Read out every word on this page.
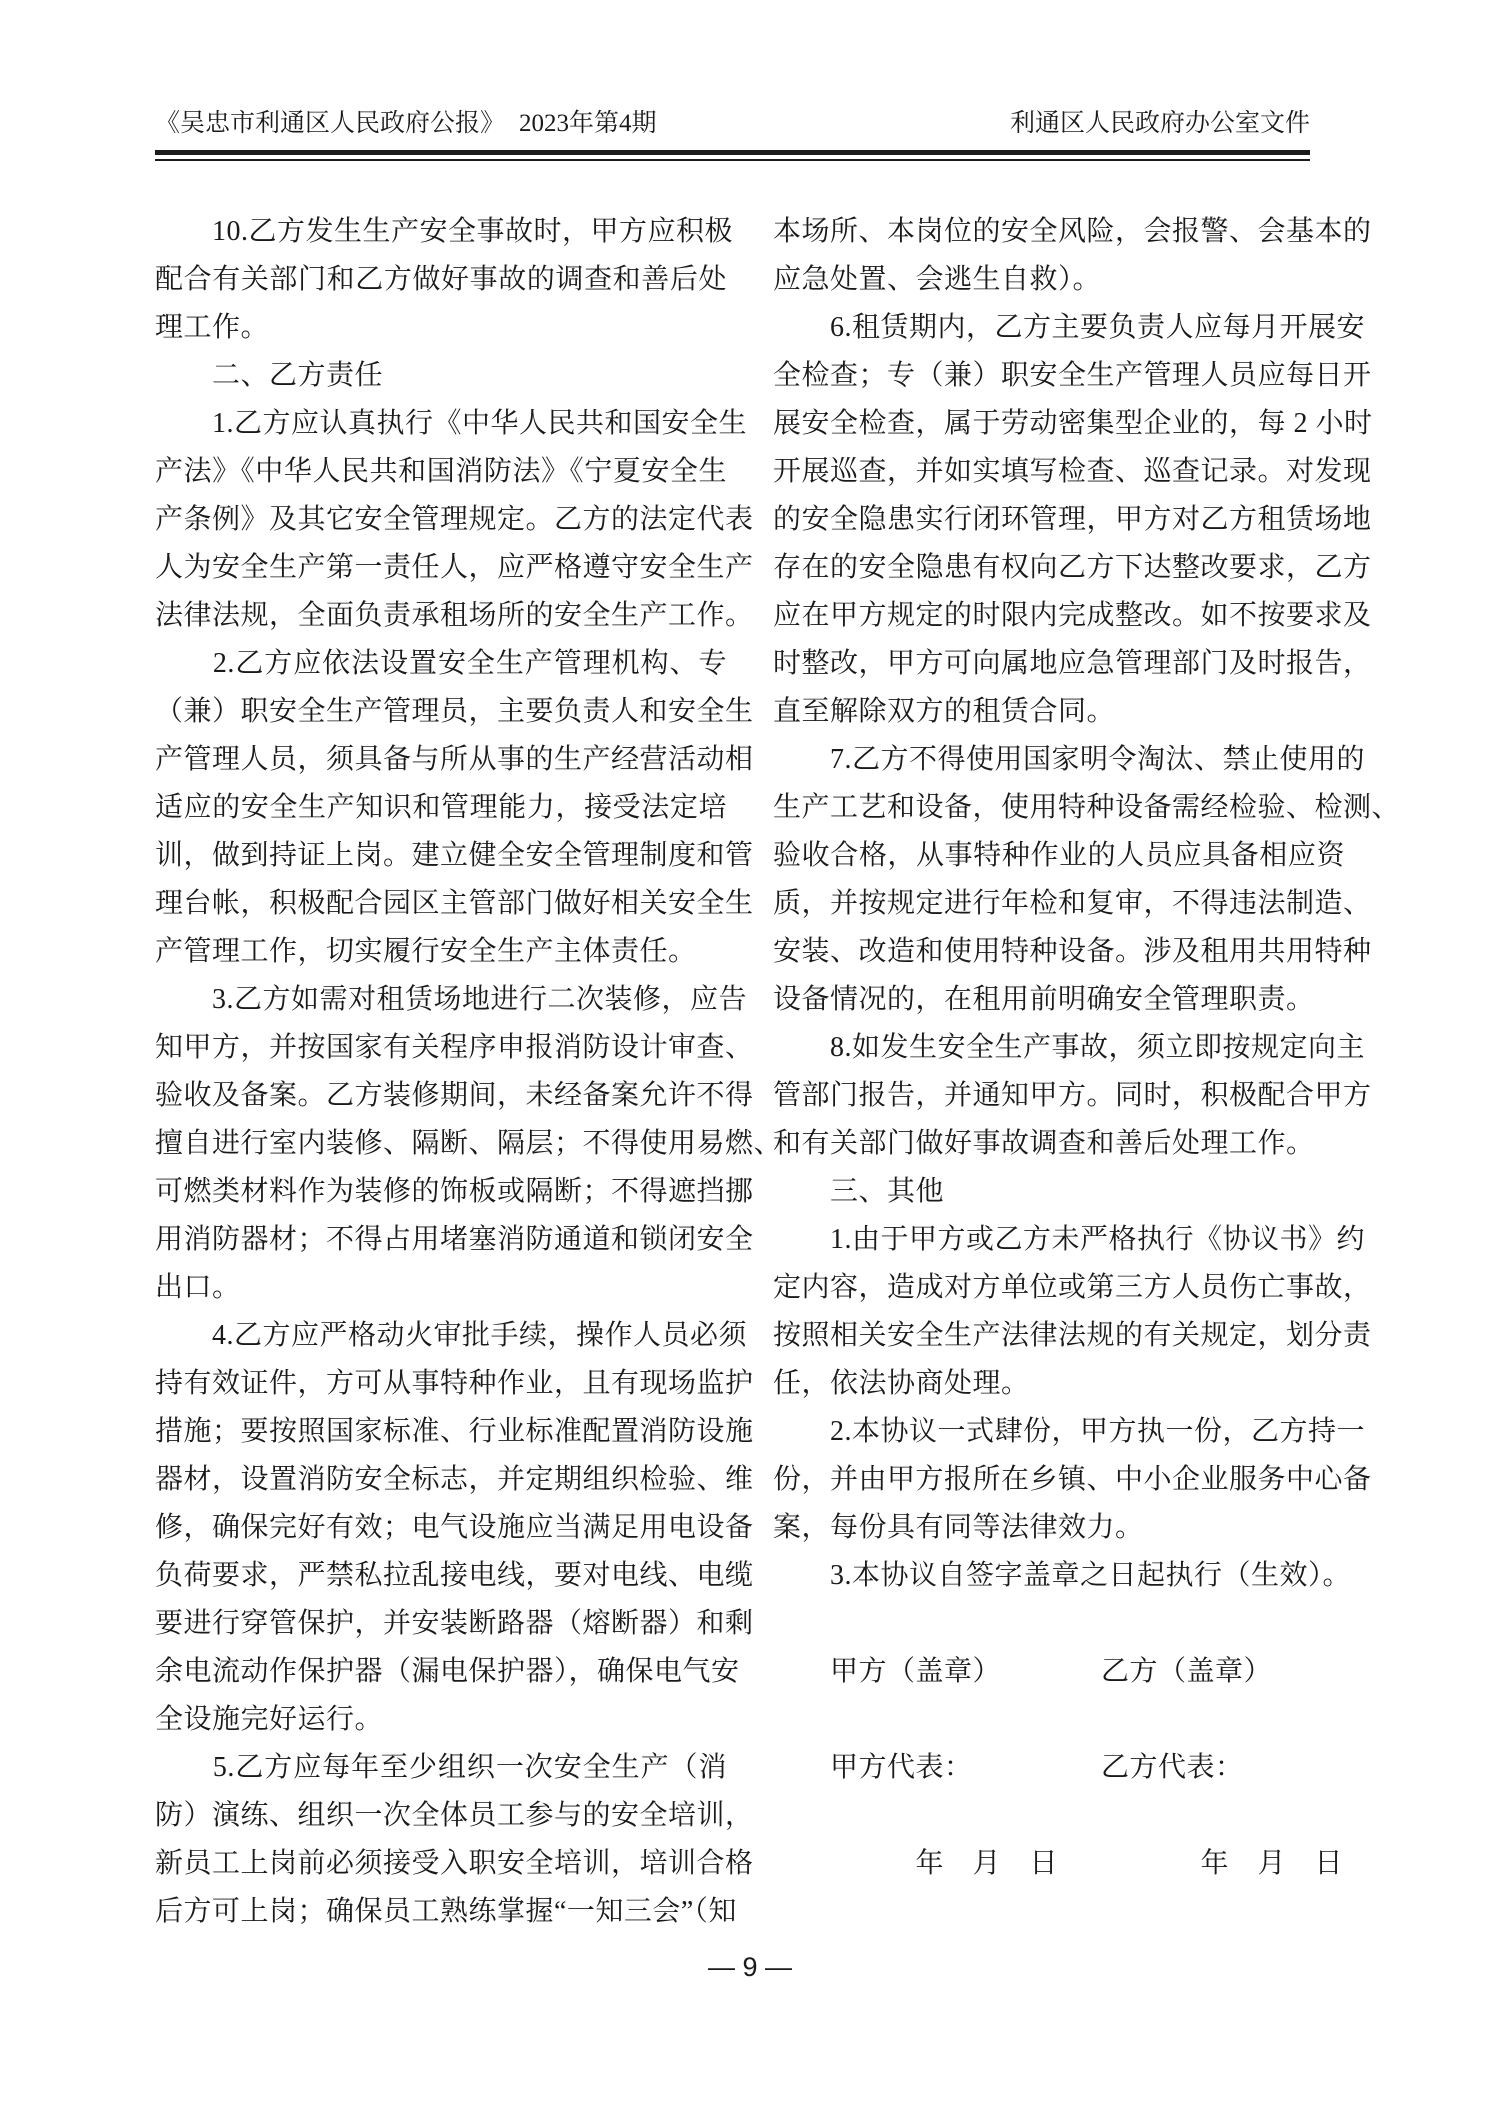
《吴忠市利通区人民政府公报》 2023年第4期	利通区人民政府办公室文件
　　10.乙方发生生产安全事故时，甲方应积极
配合有关部门和乙方做好事故的调查和善后处
理工作。
　　二、乙方责任
　　1.乙方应认真执行《中华人民共和国安全生
产法》《中华人民共和国消防法》《宁夏安全生
产条例》及其它安全管理规定。乙方的法定代表
人为安全生产第一责任人，应严格遵守安全生产
法律法规，全面负责承租场所的安全生产工作。
　　2.乙方应依法设置安全生产管理机构、专
（兼）职安全生产管理员，主要负责人和安全生
产管理人员，须具备与所从事的生产经营活动相
适应的安全生产知识和管理能力，接受法定培
训，做到持证上岗。建立健全安全管理制度和管
理台帐，积极配合园区主管部门做好相关安全生
产管理工作，切实履行安全生产主体责任。
　　3.乙方如需对租赁场地进行二次装修，应告
知甲方，并按国家有关程序申报消防设计审查、
验收及备案。乙方装修期间，未经备案允许不得
擅自进行室内装修、隔断、隔层；不得使用易燃、
可燃类材料作为装修的饰板或隔断；不得遮挡挪
用消防器材；不得占用堵塞消防通道和锁闭安全
出口。
　　4.乙方应严格动火审批手续，操作人员必须
持有效证件，方可从事特种作业，且有现场监护
措施；要按照国家标准、行业标准配置消防设施
器材，设置消防安全标志，并定期组织检验、维
修，确保完好有效；电气设施应当满足用电设备
负荷要求，严禁私拉乱接电线，要对电线、电缆
要进行穿管保护，并安装断路器（熔断器）和剩
余电流动作保护器（漏电保护器），确保电气安
全设施完好运行。
　　5.乙方应每年至少组织一次安全生产（消
防）演练、组织一次全体员工参与的安全培训，
新员工上岗前必须接受入职安全培训，培训合格
后方可上岗；确保员工熟练掌握“一知三会”（知
本场所、本岗位的安全风险，会报警、会基本的
应急处置、会逃生自救）。
　　6.租赁期内，乙方主要负责人应每月开展安
全检查；专（兼）职安全生产管理人员应每日开
展安全检查，属于劳动密集型企业的，每 2 小时
开展巡查，并如实填写检查、巡查记录。对发现
的安全隐患实行闭环管理，甲方对乙方租赁场地
存在的安全隐患有权向乙方下达整改要求，乙方
应在甲方规定的时限内完成整改。如不按要求及
时整改，甲方可向属地应急管理部门及时报告，
直至解除双方的租赁合同。
　　7.乙方不得使用国家明令淘汰、禁止使用的
生产工艺和设备，使用特种设备需经检验、检测、
验收合格，从事特种作业的人员应具备相应资
质，并按规定进行年检和复审，不得违法制造、
安装、改造和使用特种设备。涉及租用共用特种
设备情况的，在租用前明确安全管理职责。
　　8.如发生安全生产事故，须立即按规定向主
管部门报告，并通知甲方。同时，积极配合甲方
和有关部门做好事故调查和善后处理工作。
　　三、其他
　　1.由于甲方或乙方未严格执行《协议书》约
定内容，造成对方单位或第三方人员伤亡事故，
按照相关安全生产法律法规的有关规定，划分责
任，依法协商处理。
　　2.本协议一式肆份，甲方执一份，乙方持一
份，并由甲方报所在乡镇、中小企业服务中心备
案，每份具有同等法律效力。
　　3.本协议自签字盖章之日起执行（生效）。
　　甲方（盖章）　　　　乙方（盖章）
　　甲方代表：　　　　　乙方代表：
　　　　　年　月　日　　　　　年　月　日
— 9 —
